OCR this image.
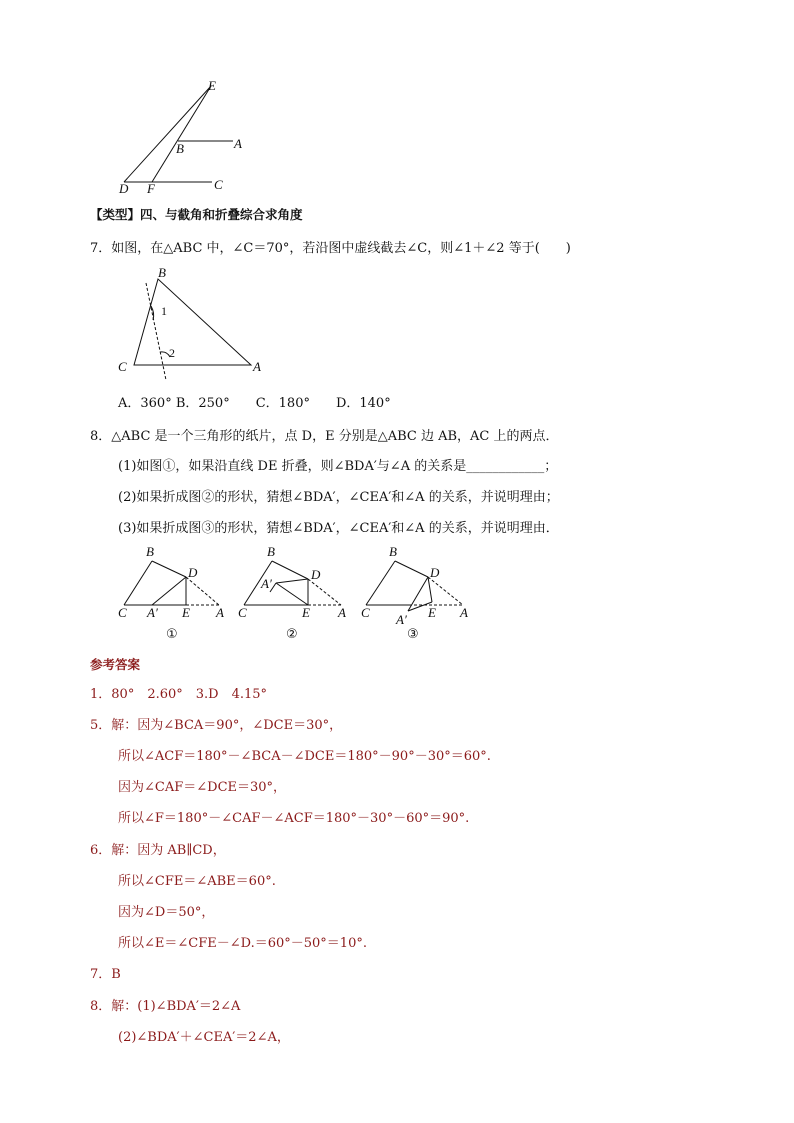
E
B	A
D F	C
【类型】四、与截角和折叠综合求角度
7．如图，在△ABC 中，∠C＝70°，若沿图中虚线截去∠C，则∠1＋∠2 等于(　　)
B
C	A
1
2
A．360° B．250°　　C．180°　　D．140°
8．△ABC 是一个三角形的纸片，点 D，E 分别是△ABC 边 AB，AC 上的两点．
(1)如图①，如果沿直线 DE 折叠，则∠BDA′与∠A 的关系是____________；
(2)如果折成图②的形状，猜想∠BDA′，∠CEA′和∠A 的关系，并说明理由；
(3)如果折成图③的形状，猜想∠BDA′，∠CEA′和∠A 的关系，并说明理由．
B
D
C A′ E A
①
B
D
A′
C	E A
②
B
D
C	E A
A′
③
参考答案
1．80°　2.60°　3.D　4.15°
5．解：因为∠BCA＝90°，∠DCE＝30°，
所以∠ACF＝180°－∠BCA－∠DCE＝180°－90°－30°＝60°.
因为∠CAF＝∠DCE＝30°，
所以∠F＝180°－∠CAF－∠ACF＝180°－30°－60°＝90°.
6．解：因为 AB∥CD，
所以∠CFE＝∠ABE＝60°.
因为∠D＝50°，
所以∠E＝∠CFE－∠D.＝60°－50°＝10°.
7．B
8．解：(1)∠BDA′＝2∠A
(2)∠BDA′＋∠CEA′＝2∠A，
